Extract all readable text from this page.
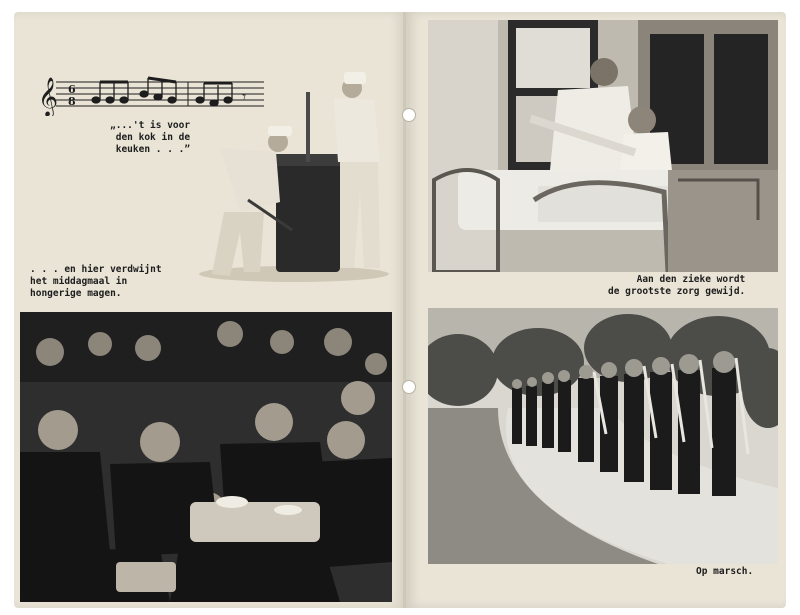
𝄞 6
8	𝄾
„...'t is voor
den kok in de
keuken . . .”
. . . en hier verdwijnt
het middagmaal in
hongerige magen.
Aan den zieke wordt
de grootste zorg gewijd.
Op marsch.
